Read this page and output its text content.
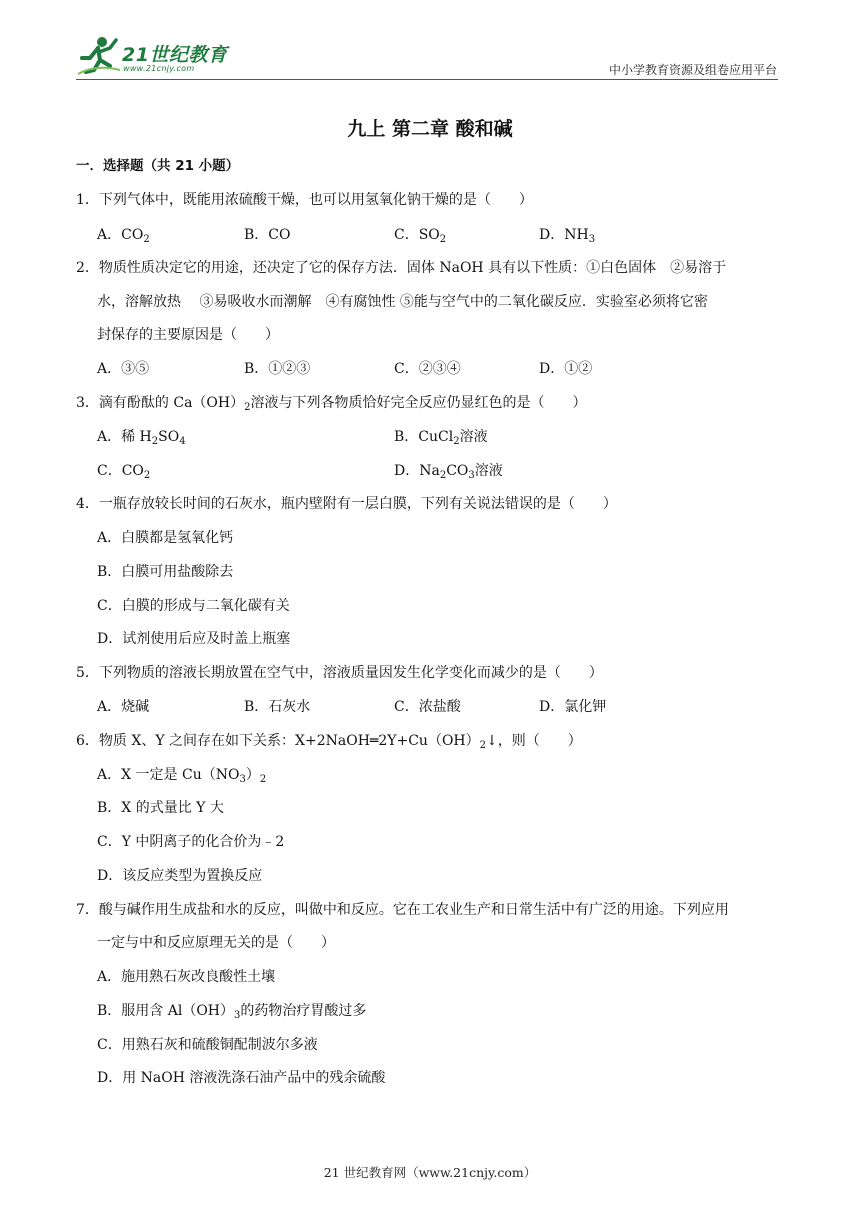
21世纪教育
www.21cnjy.com	中小学教育资源及组卷应用平台
九上 第二章 酸和碱
一．选择题（共 21 小题）
1．下列气体中，既能用浓硫酸干燥，也可以用氢氧化钠干燥的是（　　）
A．$CO_2$	B．CO	C．$SO_2$	D．$NH_3$
2．物质性质决定它的用途，还决定了它的保存方法．固体 NaOH 具有以下性质：①白色固体　②易溶于
水，溶解放热　 ③易吸收水而潮解　④有腐蚀性 ⑤能与空气中的二氧化碳反应．实验室必须将它密
封保存的主要原因是（　　）
A．③⑤	B．①②③	C．②③④	D．①②
3．滴有酚酞的 $Ca(OH)_2$溶液与下列各物质恰好完全反应仍显红色的是（　　）
A．稀 $H_2SO_4$	B．CuCl$_2$溶液
C．$CO_2$	D．$Na_2CO_3$溶液
4．一瓶存放较长时间的石灰水，瓶内壁附有一层白膜，下列有关说法错误的是（　　）
A．白膜都是氢氧化钙
B．白膜可用盐酸除去
C．白膜的形成与二氧化碳有关
D．试剂使用后应及时盖上瓶塞
5．下列物质的溶液长期放置在空气中，溶液质量因发生化学变化而减少的是（　　）
A．烧碱	B．石灰水	C．浓盐酸	D．氯化钾
6．物质 X、Y 之间存在如下关系：$X+2NaOH═2Y+Cu(OH)_2↓$，则（　　）
A．X 一定是 $Cu(NO_3)_2$
B．X 的式量比 Y 大
C．Y 中阴离子的化合价为﹣2
D．该反应类型为置换反应
7．酸与碱作用生成盐和水的反应，叫做中和反应。它在工农业生产和日常生活中有广泛的用途。下列应用
一定与中和反应原理无关的是（　　）
A．施用熟石灰改良酸性土壤
B．服用含 $Al(OH)_3$的药物治疗胃酸过多
C．用熟石灰和硫酸铜配制波尔多液
D．用 NaOH 溶液洗涤石油产品中的残余硫酸
21 世纪教育网（www.21cnjy.com）
